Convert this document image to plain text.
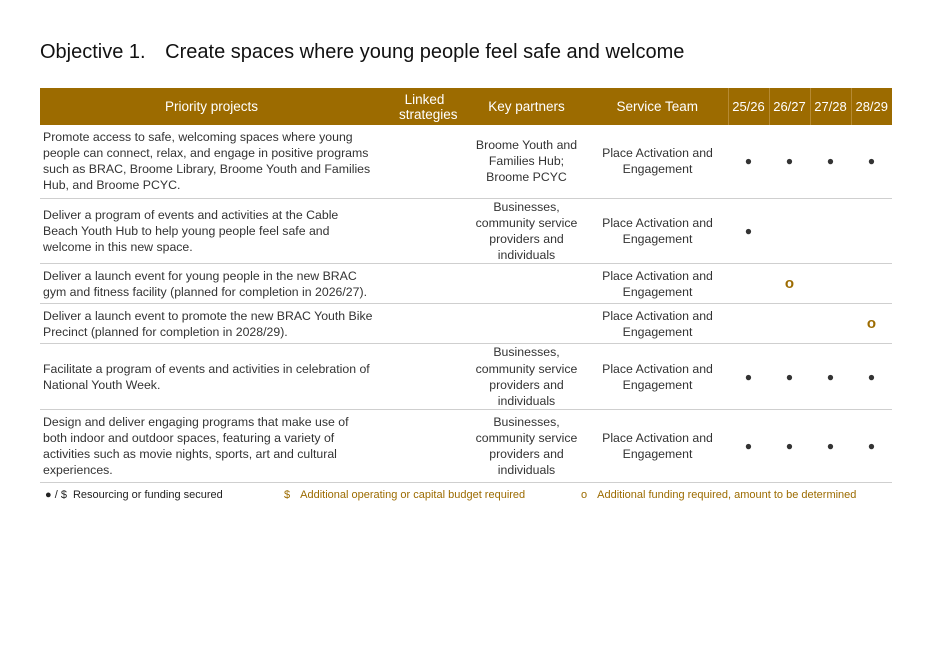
Objective 1. Create spaces where young people feel safe and welcome
Priority projects	Linked strategies	Key partners	Service Team	25/26	26/27	27/28	28/29
Promote access to safe, welcoming spaces where young people can connect, relax, and engage in positive programs such as BRAC, Broome Library, Broome Youth and Families Hub, and Broome PCYC.		Broome Youth and Families Hub; Broome PCYC	Place Activation and Engagement	●	●	●	●
Deliver a program of events and activities at the Cable Beach Youth Hub to help young people feel safe and welcome in this new space.		Businesses, community service providers and individuals	Place Activation and Engagement	●			
Deliver a launch event for young people in the new BRAC gym and fitness facility (planned for completion in 2026/27).			Place Activation and Engagement		o		
Deliver a launch event to promote the new BRAC Youth Bike Precinct (planned for completion in 2028/29).			Place Activation and Engagement				o
Facilitate a program of events and activities in celebration of National Youth Week.		Businesses, community service providers and individuals	Place Activation and Engagement	●	●	●	●
Design and deliver engaging programs that make use of both indoor and outdoor spaces, featuring a variety of activities such as movie nights, sports, art and cultural experiences.		Businesses, community service providers and individuals	Place Activation and Engagement	●	●	●	●
● / $ Resourcing or funding secured	$ Additional operating or capital budget required	o Additional funding required, amount to be determined
